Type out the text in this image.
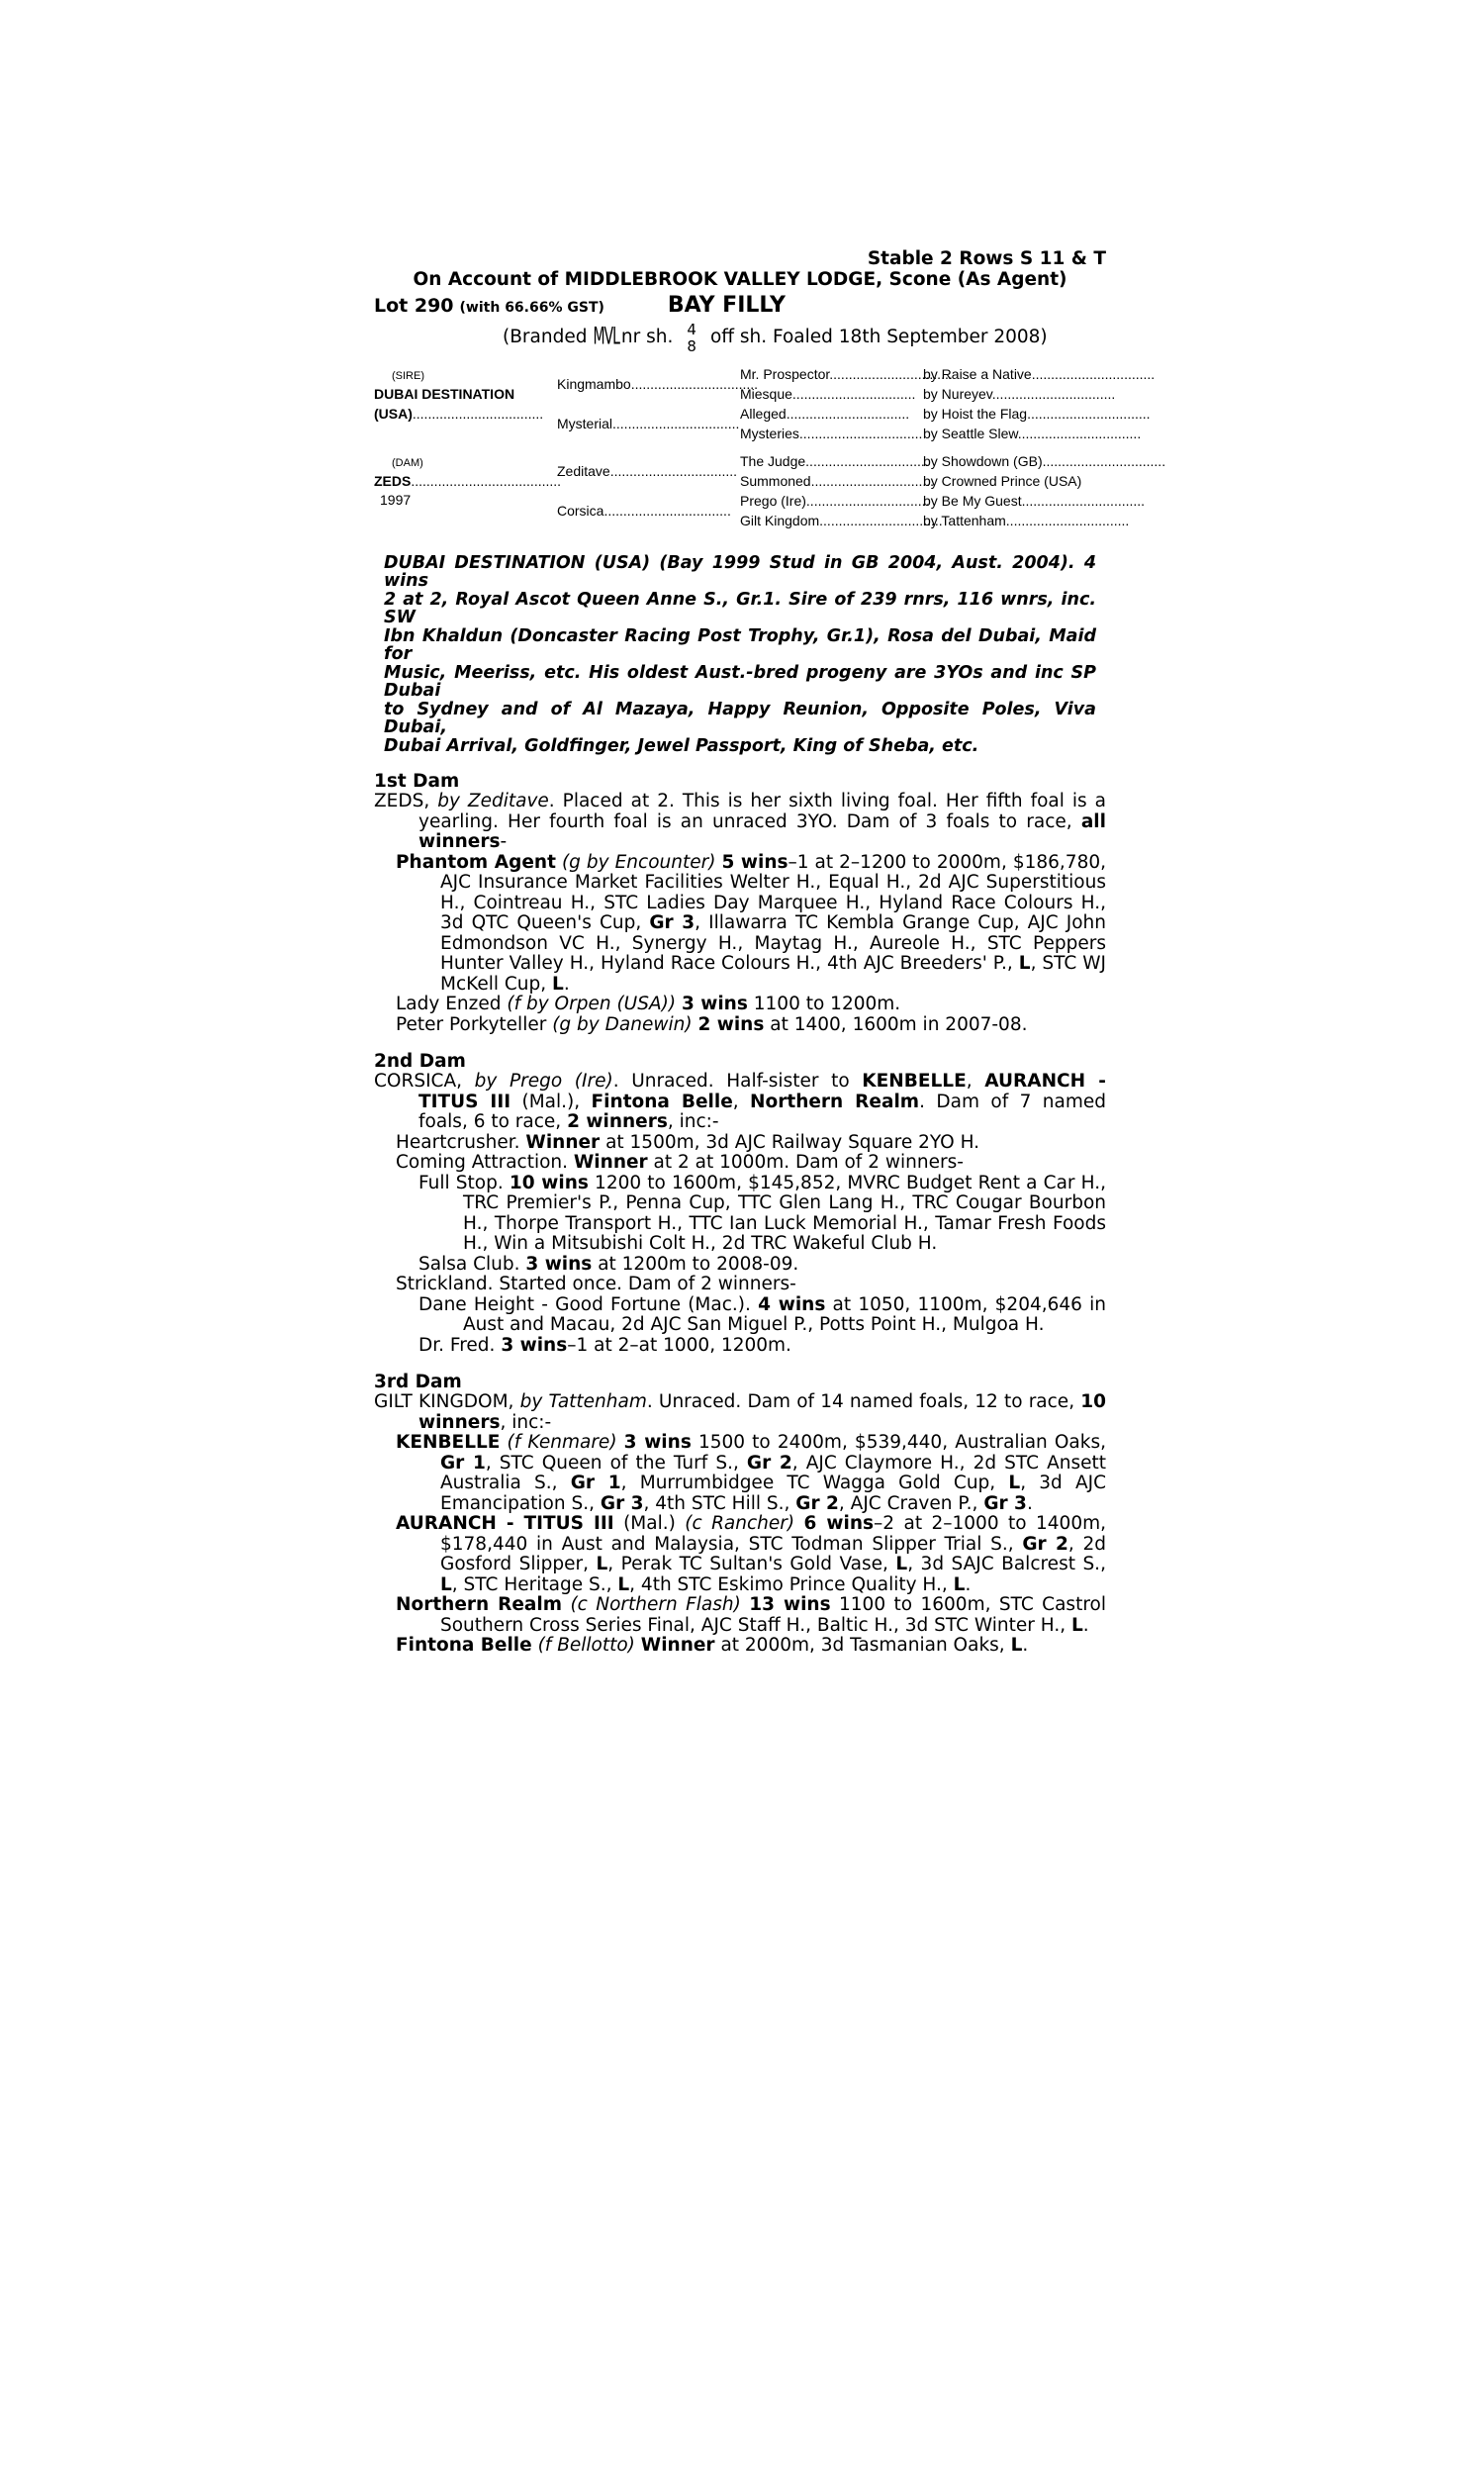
Stable 2 Rows S 11 & T
On Account of MIDDLEBROOK VALLEY LODGE, Scone (As Agent)
Lot 290 (with 66.66% GST)	BAY FILLY
(Branded MVL nr sh. 4
8 off sh. Foaled 18th September 2008)
(SIRE)
DUBAI DESTINATION
(USA)..................................
(DAM)
ZEDS.......................................
1997
Kingmambo.................................
Mysterial.................................
Zeditave.................................
Corsica.................................
Mr. Prospector................................
Miesque................................
Alleged................................
Mysteries................................
The Judge................................
Summoned................................
Prego (Ire)................................
Gilt Kingdom................................
by Raise a Native................................
by Nureyev................................
by Hoist the Flag................................
by Seattle Slew................................
by Showdown (GB)................................
by Crowned Prince (USA)
by Be My Guest................................
by Tattenham................................
DUBAI DESTINATION (USA) (Bay 1999 Stud in GB 2004, Aust. 2004). 4 wins
2 at 2, Royal Ascot Queen Anne S., Gr.1. Sire of 239 rnrs, 116 wnrs, inc. SW
Ibn Khaldun (Doncaster Racing Post Trophy, Gr.1), Rosa del Dubai, Maid for
Music, Meeriss, etc. His oldest Aust.-bred progeny are 3YOs and inc SP Dubai
to Sydney and of Al Mazaya, Happy Reunion, Opposite Poles, Viva Dubai,
Dubai Arrival, Goldfinger, Jewel Passport, King of Sheba, etc.
1st Dam
ZEDS, by Zeditave. Placed at 2. This is her sixth living foal. Her fifth foal is a yearling. Her fourth foal is an unraced 3YO. Dam of 3 foals to race, all winners-
Phantom Agent (g by Encounter) 5 wins–1 at 2–1200 to 2000m, $186,780, AJC Insurance Market Facilities Welter H., Equal H., 2d AJC Superstitious H., Cointreau H., STC Ladies Day Marquee H., Hyland Race Colours H., 3d QTC Queen's Cup, Gr 3, Illawarra TC Kembla Grange Cup, AJC John Edmondson VC H., Synergy H., Maytag H., Aureole H., STC Peppers Hunter Valley H., Hyland Race Colours H., 4th AJC Breeders' P., L, STC WJ McKell Cup, L.
Lady Enzed (f by Orpen (USA)) 3 wins 1100 to 1200m.
Peter Porkyteller (g by Danewin) 2 wins at 1400, 1600m in 2007-08.
2nd Dam
CORSICA, by Prego (Ire). Unraced. Half-sister to KENBELLE, AURANCH - TITUS III (Mal.), Fintona Belle, Northern Realm. Dam of 7 named foals, 6 to race, 2 winners, inc:-
Heartcrusher. Winner at 1500m, 3d AJC Railway Square 2YO H.
Coming Attraction. Winner at 2 at 1000m. Dam of 2 winners-
Full Stop. 10 wins 1200 to 1600m, $145,852, MVRC Budget Rent a Car H., TRC Premier's P., Penna Cup, TTC Glen Lang H., TRC Cougar Bourbon H., Thorpe Transport H., TTC Ian Luck Memorial H., Tamar Fresh Foods H., Win a Mitsubishi Colt H., 2d TRC Wakeful Club H.
Salsa Club. 3 wins at 1200m to 2008-09.
Strickland. Started once. Dam of 2 winners-
Dane Height - Good Fortune (Mac.). 4 wins at 1050, 1100m, $204,646 in Aust and Macau, 2d AJC San Miguel P., Potts Point H., Mulgoa H.
Dr. Fred. 3 wins–1 at 2–at 1000, 1200m.
3rd Dam
GILT KINGDOM, by Tattenham. Unraced. Dam of 14 named foals, 12 to race, 10 winners, inc:-
KENBELLE (f Kenmare) 3 wins 1500 to 2400m, $539,440, Australian Oaks, Gr 1, STC Queen of the Turf S., Gr 2, AJC Claymore H., 2d STC Ansett Australia S., Gr 1, Murrumbidgee TC Wagga Gold Cup, L, 3d AJC Emancipation S., Gr 3, 4th STC Hill S., Gr 2, AJC Craven P., Gr 3.
AURANCH - TITUS III (Mal.) (c Rancher) 6 wins–2 at 2–1000 to 1400m, $178,440 in Aust and Malaysia, STC Todman Slipper Trial S., Gr 2, 2d Gosford Slipper, L, Perak TC Sultan's Gold Vase, L, 3d SAJC Balcrest S., L, STC Heritage S., L, 4th STC Eskimo Prince Quality H., L.
Northern Realm (c Northern Flash) 13 wins 1100 to 1600m, STC Castrol Southern Cross Series Final, AJC Staff H., Baltic H., 3d STC Winter H., L.
Fintona Belle (f Bellotto) Winner at 2000m, 3d Tasmanian Oaks, L.
